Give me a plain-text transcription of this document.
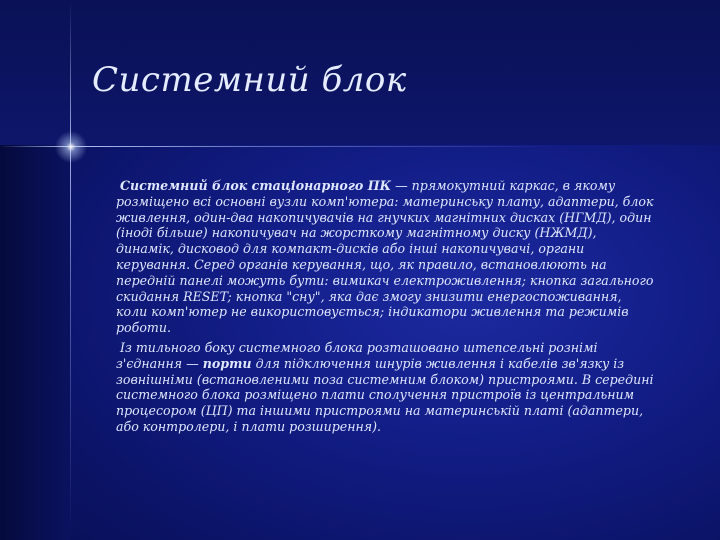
Системний блок

Системний блок стаціонарного ПК — прямокутний каркас, в якому розміщено всі основні вузли комп'ютера: материнську плату, адаптери, блок живлення, один-два накопичувачів на гнучких магнітних дисках (НГМД), один (іноді більше) накопичувач на жорсткому магнітному диску (НЖМД), динамік, дисковод для компакт-дисків або інші накопичувачі, органи керування. Серед органів керування, що, як правило, встановлюють на передній панелі можуть бути: вимикач електроживлення; кнопка загального скидання RESET; кнопка "сну", яка дає змогу знизити енергоспоживання, коли комп'ютер не використовується; індикатори живлення та режимів роботи.

Із тильного боку системного блока розташовано штепсельні рознімі з'єднання — порти для підключення шнурів живлення і кабелів зв'язку із зовнішніми (встановленими поза системним блоком) пристроями. В середині системного блока розміщено плати сполучення пристроїв із центральним процесором (ЦП) та іншими пристроями на материнській платі (адаптери, або контролери, і плати розширення).
